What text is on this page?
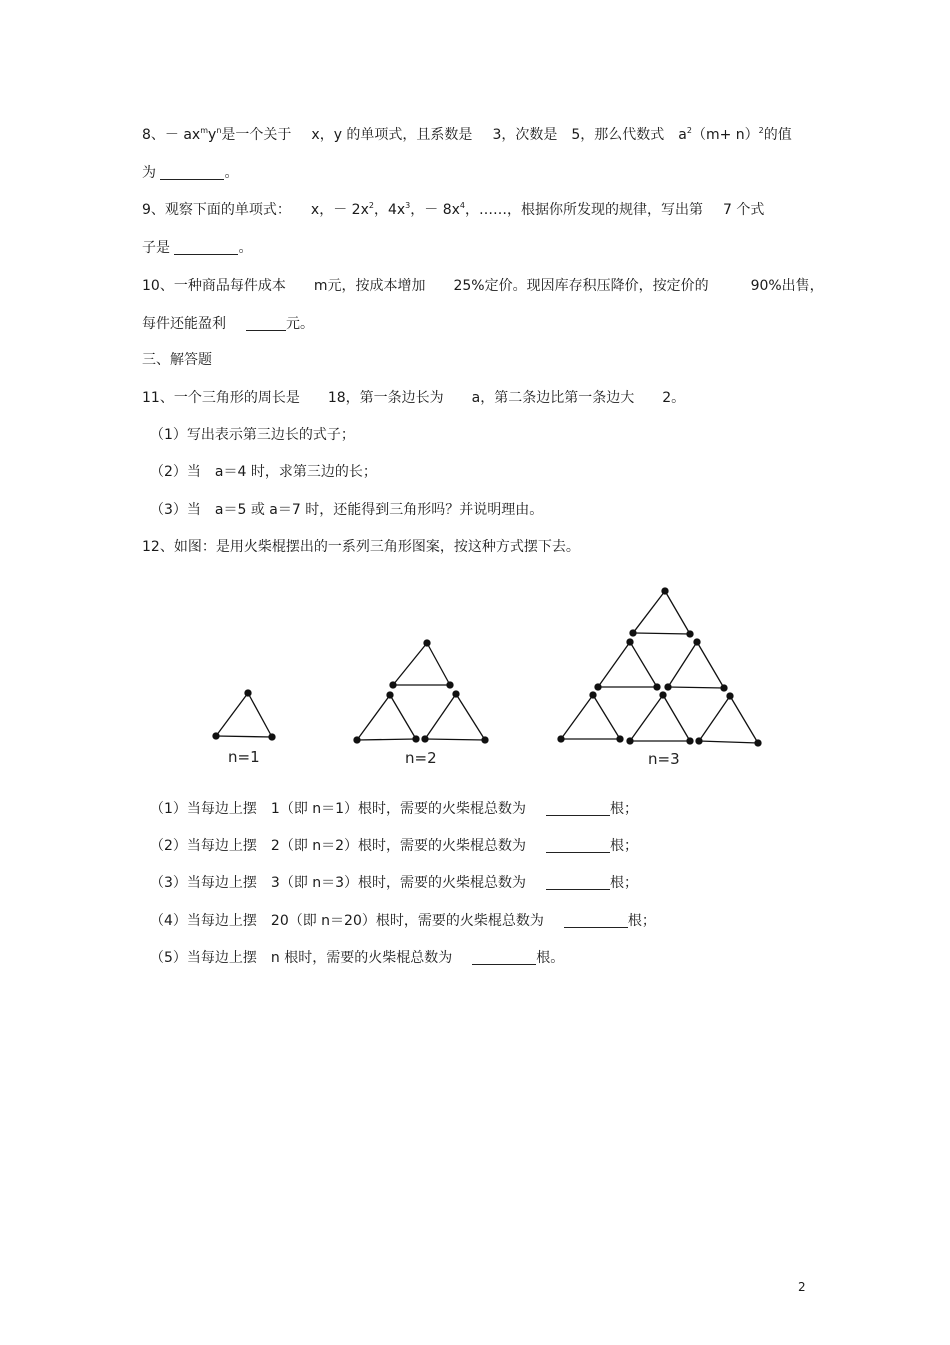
8、－ $ax^my^n$是一个关于 x，y 的单项式，且系数是 3，次数是 5，那么代数式 $a^2(m+ n)^2$的值
为	。
9、观察下面的单项式： x，－ $2x^2$，$4x^3$，－ $8x^4$，……，根据你所发现的规律，写出第 7 个式
子是	。
10、一种商品每件成本　　m元，按成本增加　　25%定价。现因库存积压降价，按定价的　　　90%出售，
每件还能盈利	元。
三、解答题
11、一个三角形的周长是　　18，第一条边长为　　a，第二条边比第一条边大　　2。
（1）写出表示第三边长的式子；
（2）当　a＝4 时，求第三边的长；
（3）当　a＝5 或 a＝7 时，还能得到三角形吗？并说明理由。
12、如图：是用火柴棍摆出的一系列三角形图案，按这种方式摆下去。
n=1	n=2	n=3
（1）当每边上摆　1（即 n＝1）根时，需要的火柴棍总数为	根；
（2）当每边上摆　2（即 n＝2）根时，需要的火柴棍总数为	根；
（3）当每边上摆　3（即 n＝3）根时，需要的火柴棍总数为	根；
（4）当每边上摆　20（即 n＝20）根时，需要的火柴棍总数为	根；
（5）当每边上摆　n 根时，需要的火柴棍总数为	根。
2
